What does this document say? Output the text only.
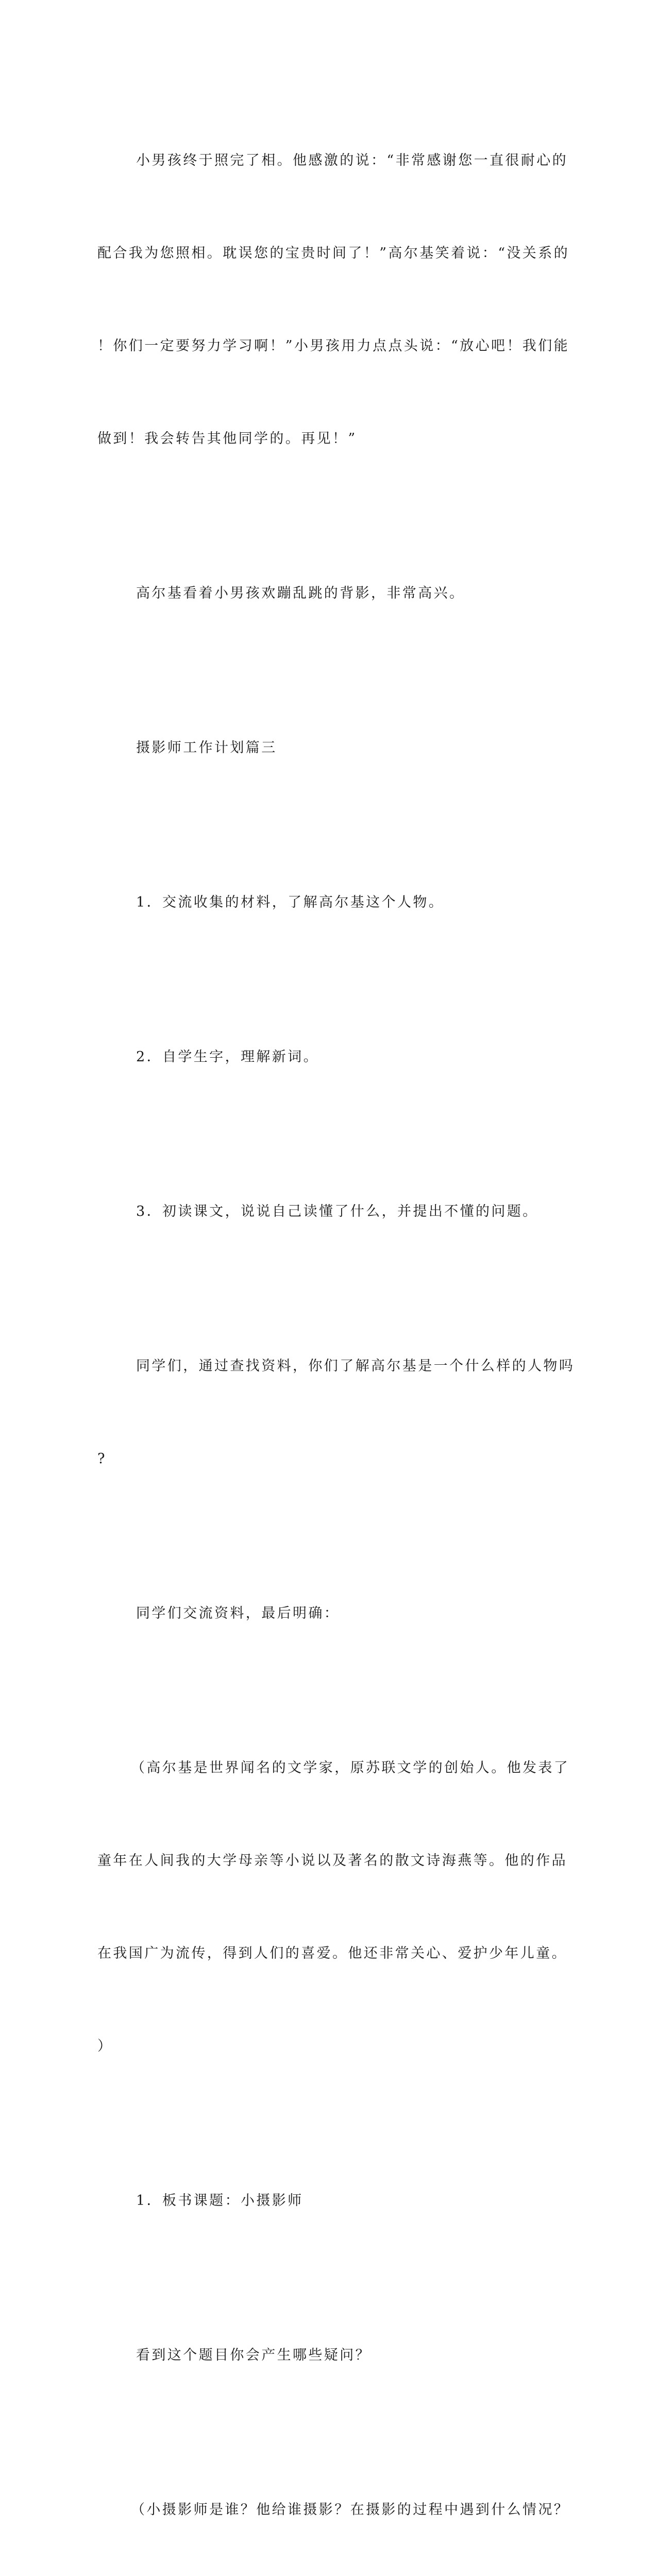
小男孩终于照完了相。他感激的说：“非常感谢您一直很耐心的

配合我为您照相。耽误您的宝贵时间了！”高尔基笑着说：“没关系的

！你们一定要努力学习啊！”小男孩用力点点头说：“放心吧！我们能

做到！我会转告其他同学的。再见！”

高尔基看着小男孩欢蹦乱跳的背影，非常高兴。

摄影师工作计划篇三

1．交流收集的材料，了解高尔基这个人物。

2．自学生字，理解新词。

3．初读课文，说说自己读懂了什么，并提出不懂的问题。

同学们，通过查找资料，你们了解高尔基是一个什么样的人物吗

?

同学们交流资料，最后明确：

（高尔基是世界闻名的文学家，原苏联文学的创始人。他发表了

童年在人间我的大学母亲等小说以及著名的散文诗海燕等。他的作品

在我国广为流传，得到人们的喜爱。他还非常关心、爱护少年儿童。

）

1．板书课题：小摄影师

看到这个题目你会产生哪些疑问？

（小摄影师是谁？他给谁摄影？在摄影的过程中遇到什么情况？
